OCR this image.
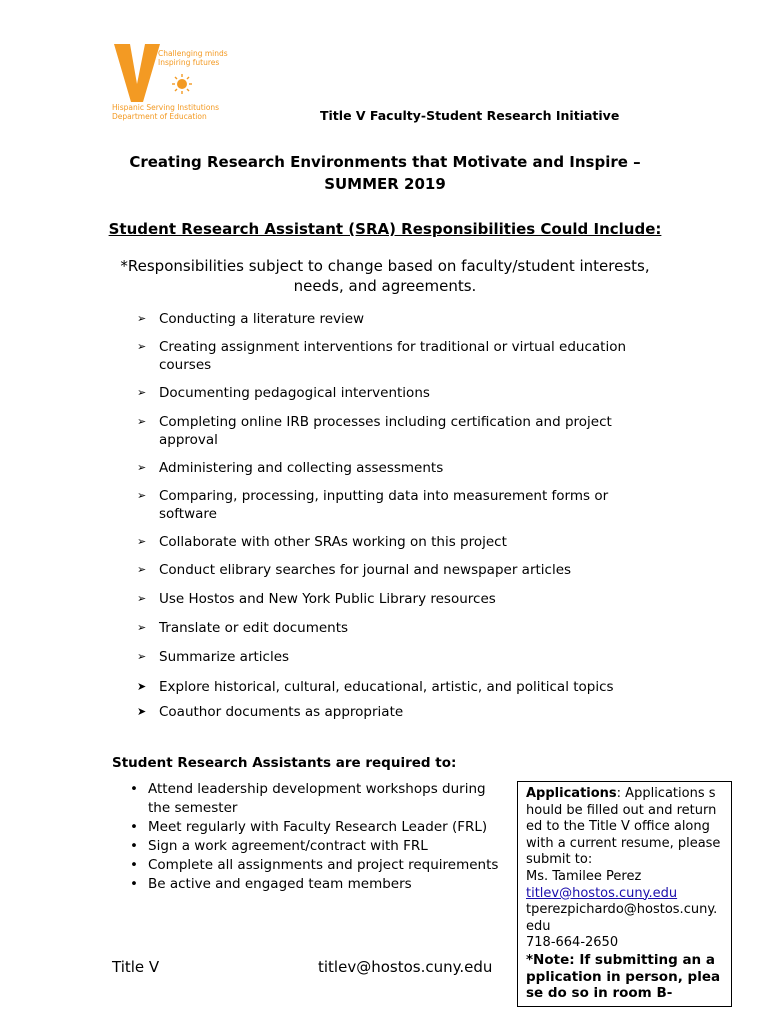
Challenging minds
Inspiring futures
Hispanic Serving Institutions
Department of Education	Title V Faculty-Student Research Initiative
Creating Research Environments that Motivate and Inspire –
SUMMER 2019
Student Research Assistant (SRA) Responsibilities Could Include:
*Responsibilities subject to change based on faculty/student interests, needs, and agreements.
➢ Conducting a literature review
➢ Creating assignment interventions for traditional or virtual education courses
➢ Documenting pedagogical interventions
➢ Completing online IRB processes including certification and project approval
➢ Administering and collecting assessments
➢ Comparing, processing, inputting data into measurement forms or software
➢ Collaborate with other SRAs working on this project
➢ Conduct elibrary searches for journal and newspaper articles
➢ Use Hostos and New York Public Library resources
➢ Translate or edit documents
➢ Summarize articles
➤ Explore historical, cultural, educational, artistic, and political topics
➤ Coauthor documents as appropriate
Student Research Assistants are required to:
• Attend leadership development workshops during the semester
• Meet regularly with Faculty Research Leader (FRL)
• Sign a work agreement/contract with FRL
• Complete all assignments and project requirements
• Be active and engaged team members
Applications: Applications should be filled out and returned to the Title V office along with a current resume, please submit to:
Ms. Tamilee Perez
titlev@hostos.cuny.edu
tperezpichardo@hostos.cuny.edu
718-664-2650
*Note: If submitting an application in person, please do so in room B-
Title V	titlev@hostos.cuny.edu
